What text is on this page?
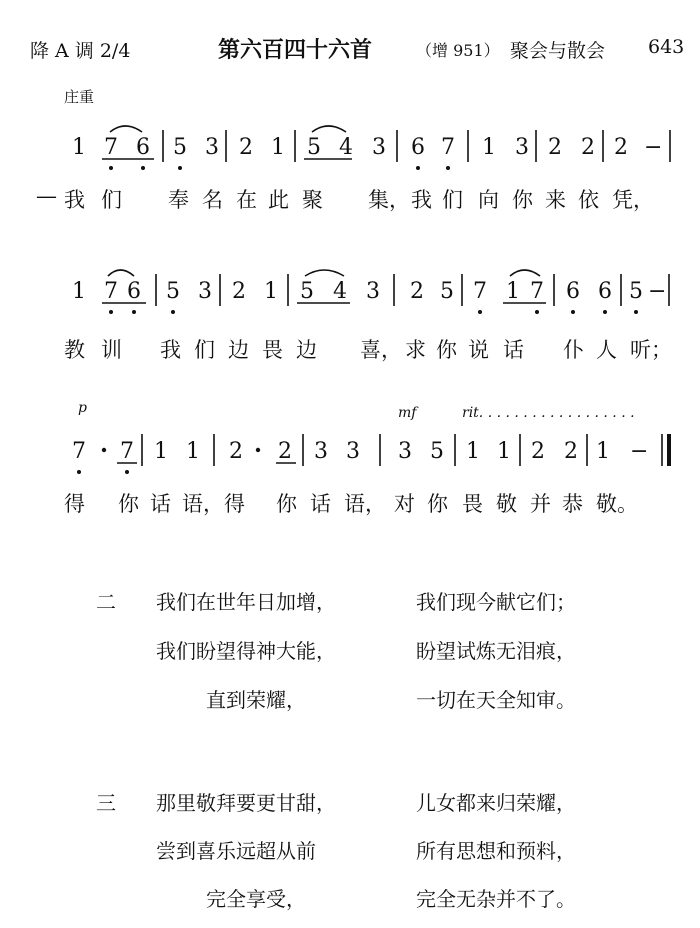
降 A 调 2/4	第六百四十六首	（增 951） 聚会与散会 643
庄重
1 7 6 5 3 2 1 5 4 3 6 7 1 3 2 2 2 −
— 我 们 奉 名 在 此 聚 集， 我 们 向 你 来 依 凭，
1 7 6 5 3 2 1 5 4 3 2 5 7 1 7 6 6 5 −
教 训 我 们 边 畏 边 喜， 求 你 说 话 仆 人 听；
p	mf	rit. . . . . . . . . . . . . . . . . .
7 7 1 1 2 2 3 3 3 5 1 1 2 2 1 −
得 你 话 语， 得 你 话 语， 对 你 畏 敬 并 恭 敬。
二 我们在世年日加增，	我们现今献它们；
我们盼望得神大能，	盼望试炼无泪痕，
直到荣耀，	一切在天全知审。
三 那里敬拜要更甘甜，	儿女都来归荣耀，
尝到喜乐远超从前	所有思想和预料，
完全享受，	完全无杂并不了。
